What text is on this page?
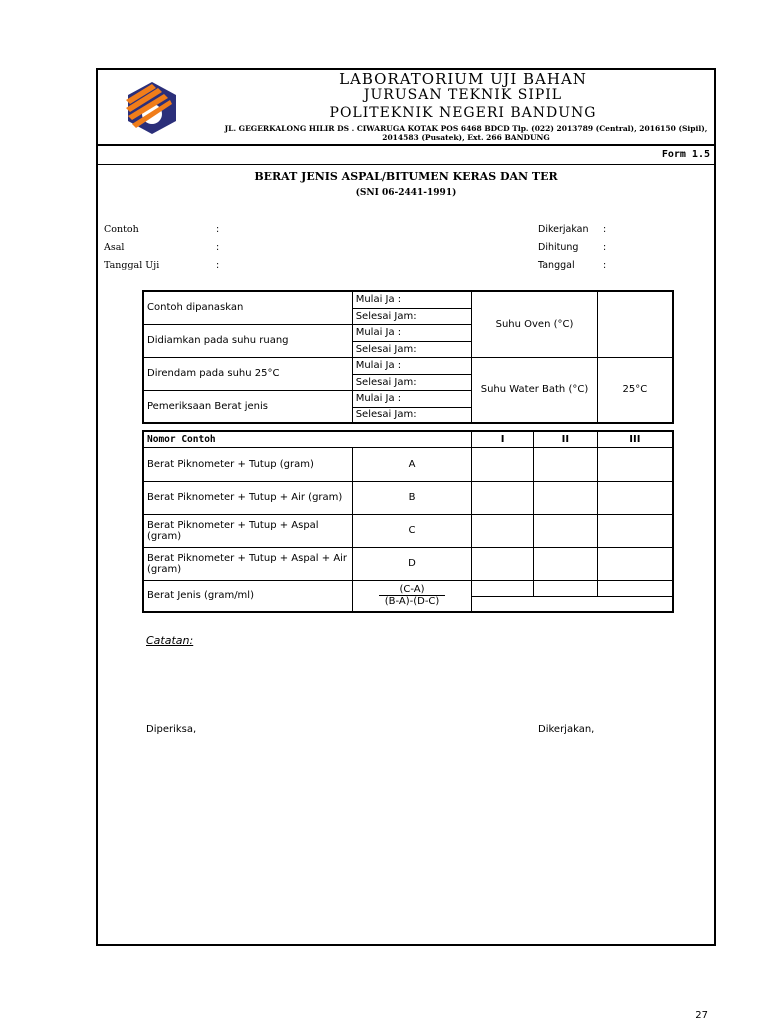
LABORATORIUM UJI BAHAN
JURUSAN TEKNIK SIPIL
POLITEKNIK NEGERI BANDUNG
JL. GEGERKALONG HILIR DS . CIWARUGA KOTAK POS 6468 BDCD Tlp. (022) 2013789 (Central), 2016150 (Sipil), 2014583 (Pusatek), Ext. 266 BANDUNG
Form 1.5
BERAT JENIS ASPAL/BITUMEN KERAS DAN TER
(SNI 06-2441-1991)
Contoh	:
Asal	:
Tanggal Uji	:
Dikerjakan :
Dihitung	:
Tanggal	:
Contoh dipanaskan	Mulai Ja :	Suhu Oven (°C)	
	Selesai Jam:		
Didiamkan pada suhu ruang	Mulai Ja :		
	Selesai Jam:		
Direndam pada suhu 25°C	Mulai Ja :	Suhu Water Bath (°C)	25°C
	Selesai Jam:		
Pemeriksaan Berat jenis	Mulai Ja :		
	Selesai Jam:		
Nomor Contoh		I	II	III
Berat Piknometer + Tutup (gram)	A			
Berat Piknometer + Tutup + Air (gram)	B			
Berat Piknometer + Tutup + Aspal (gram)	C			
Berat Piknometer + Tutup + Aspal + Air (gram)	D			
Berat Jenis (gram/ml)	$\frac{(C-A)}{(B-A)-(D-C)}$

Catatan:
Diperiksa,	Dikerjakan,
27
